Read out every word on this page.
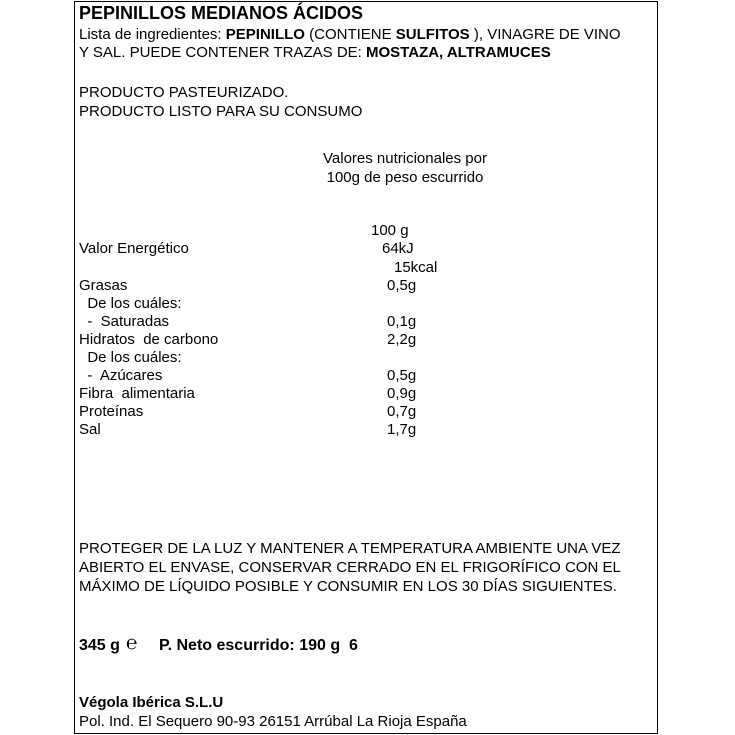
PEPINILLOS MEDIANOS ÁCIDOS
Lista de ingredientes: PEPINILLO (CONTIENE SULFITOS ), VINAGRE DE VINO
Y SAL. PUEDE CONTENER TRAZAS DE: MOSTAZA, ALTRAMUCES
PRODUCTO PASTEURIZADO.
PRODUCTO LISTO PARA SU CONSUMO
Valores nutricionales por
100g de peso escurrido
100 g
Valor Energético	64kJ
15kcal
Grasas	0,5g
De los cuáles:
-  Saturadas	0,1g
Hidratos  de carbono	2,2g
De los cuáles:
-  Azúcares	0,5g
Fibra  alimentaria	0,9g
Proteínas	0,7g
Sal	1,7g
PROTEGER DE LA LUZ Y MANTENER A TEMPERATURA AMBIENTE UNA VEZ
ABIERTO EL ENVASE, CONSERVAR CERRADO EN EL FRIGORÍFICO CON EL
MÁXIMO DE LÍQUIDO POSIBLE Y CONSUMIR EN LOS 30 DÍAS SIGUIENTES.
345 g ℮ P. Neto escurrido: 190 g  6
Végola Ibérica S.L.U
Pol. Ind. El Sequero 90-93 26151 Arrúbal La Rioja España
